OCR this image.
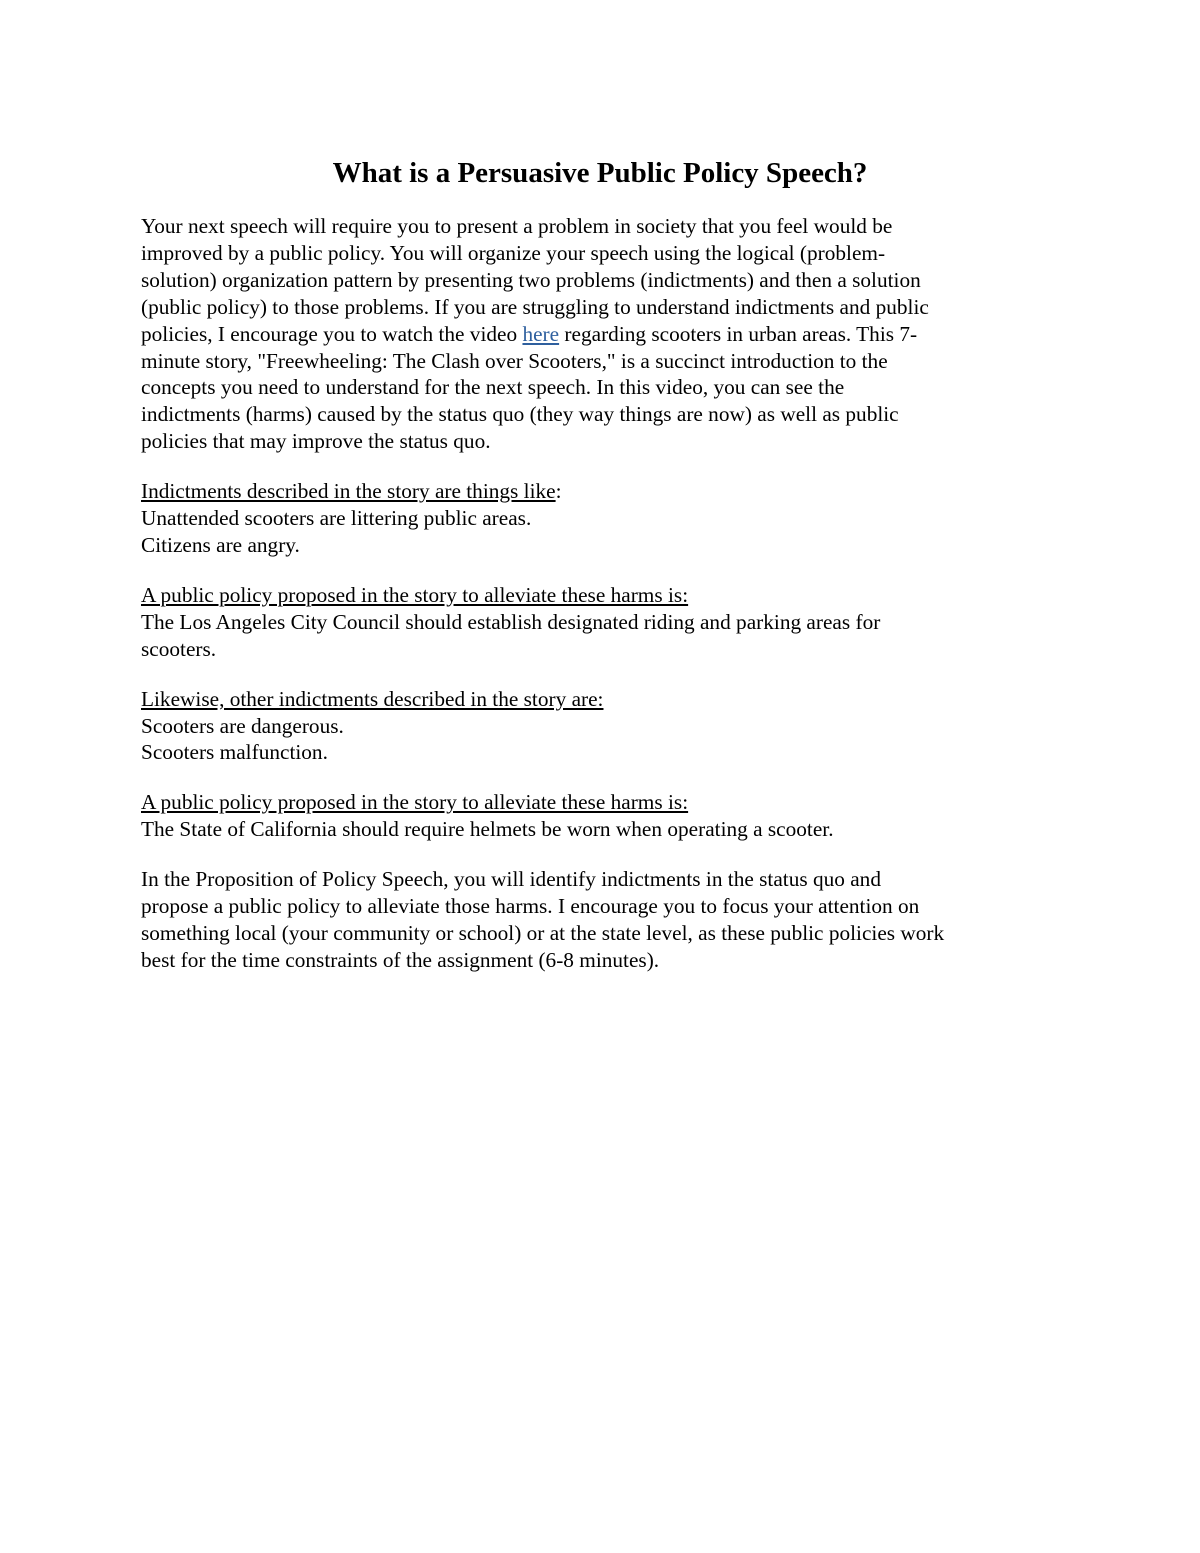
What is a Persuasive Public Policy Speech?

Your next speech will require you to present a problem in society that you feel would be
improved by a public policy. You will organize your speech using the logical (problem-
solution) organization pattern by presenting two problems (indictments) and then a solution
(public policy) to those problems. If you are struggling to understand indictments and public
policies, I encourage you to watch the video here regarding scooters in urban areas. This 7-
minute story, "Freewheeling: The Clash over Scooters," is a succinct introduction to the
concepts you need to understand for the next speech. In this video, you can see the
indictments (harms) caused by the status quo (they way things are now) as well as public
policies that may improve the status quo.

Indictments described in the story are things like:
Unattended scooters are littering public areas.
Citizens are angry.

A public policy proposed in the story to alleviate these harms is:
The Los Angeles City Council should establish designated riding and parking areas for
scooters.

Likewise, other indictments described in the story are:
Scooters are dangerous.
Scooters malfunction.

A public policy proposed in the story to alleviate these harms is:
The State of California should require helmets be worn when operating a scooter.

In the Proposition of Policy Speech, you will identify indictments in the status quo and
propose a public policy to alleviate those harms. I encourage you to focus your attention on
something local (your community or school) or at the state level, as these public policies work
best for the time constraints of the assignment (6-8 minutes).
